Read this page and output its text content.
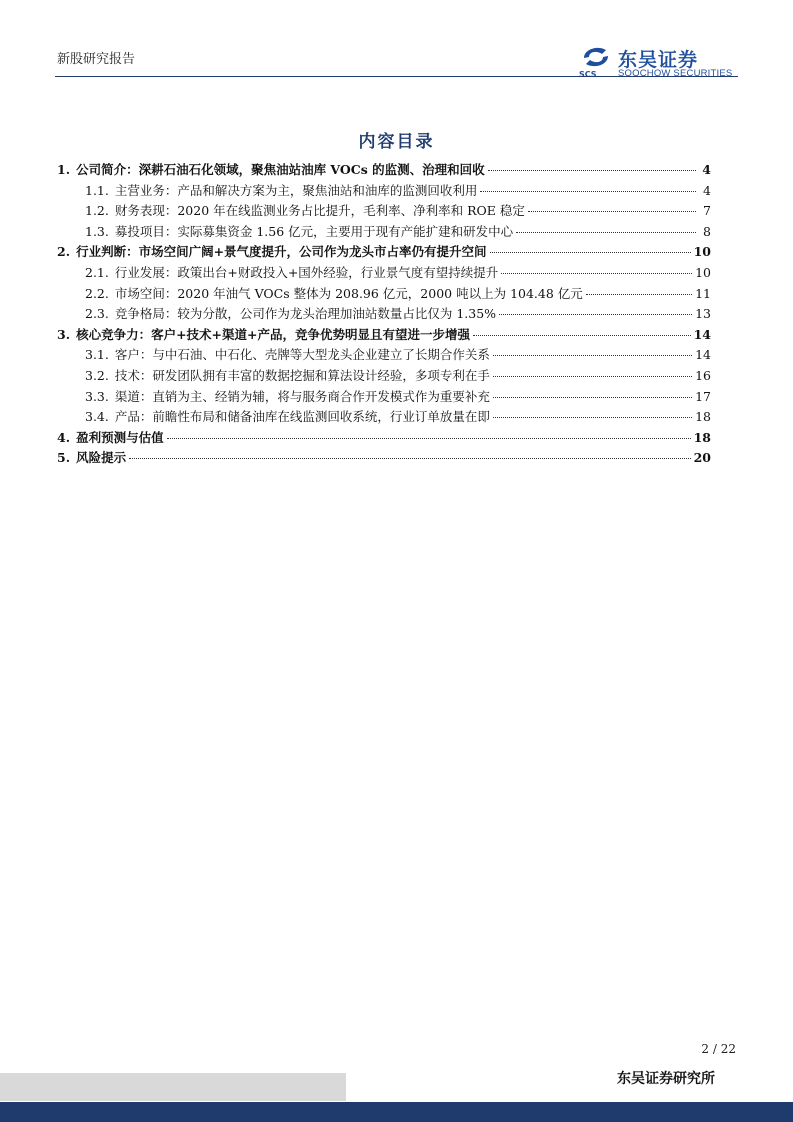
新股研究报告
SCS
东吴证券
SOOCHOW SECURITIES
内容目录
1. 公司简介：深耕石油石化领域，聚焦油站油库 VOCs 的监测、治理和回收	4
1.1. 主营业务：产品和解决方案为主，聚焦油站和油库的监测回收利用	4
1.2. 财务表现：2020 年在线监测业务占比提升，毛利率、净利率和 ROE 稳定	7
1.3. 募投项目：实际募集资金 1.56 亿元，主要用于现有产能扩建和研发中心	8
2. 行业判断：市场空间广阔+景气度提升，公司作为龙头市占率仍有提升空间	10
2.1. 行业发展：政策出台+财政投入+国外经验，行业景气度有望持续提升	10
2.2. 市场空间：2020 年油气 VOCs 整体为 208.96 亿元，2000 吨以上为 104.48 亿元	11
2.3. 竞争格局：较为分散，公司作为龙头治理加油站数量占比仅为 1.35%	13
3. 核心竞争力：客户+技术+渠道+产品，竞争优势明显且有望进一步增强	14
3.1. 客户：与中石油、中石化、壳牌等大型龙头企业建立了长期合作关系	14
3.2. 技术：研发团队拥有丰富的数据挖掘和算法设计经验，多项专利在手	16
3.3. 渠道：直销为主、经销为辅，将与服务商合作开发模式作为重要补充	17
3.4. 产品：前瞻性布局和储备油库在线监测回收系统，行业订单放量在即	18
4. 盈利预测与估值	18
5. 风险提示	20
2 / 22
东吴证券研究所
